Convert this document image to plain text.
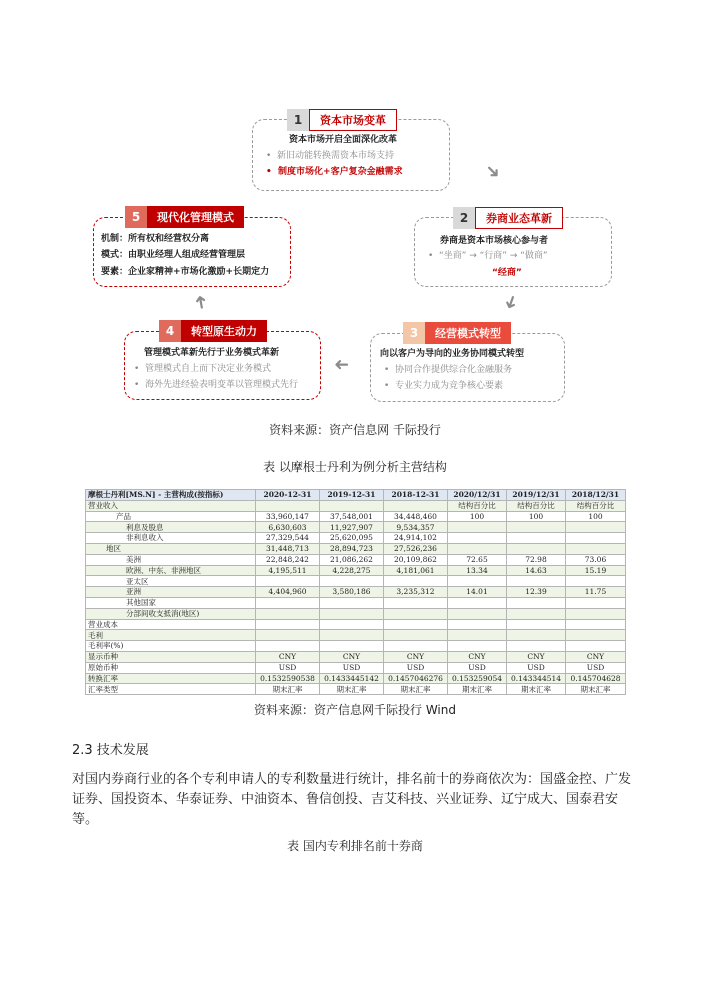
1	资本市场变革
资本市场开启全面深化改革
• 新旧动能转换需资本市场支持
• 制度市场化+客户复杂金融需求
2	券商业态革新
券商是资本市场核心参与者
• “坐商” → “行商” → “做商”
“经商”
3	经营模式转型
向以客户为导向的业务协同模式转型
• 协同合作提供综合化金融服务
• 专业实力成为竞争核心要素
4	转型原生动力
管理模式革新先行于业务模式革新
• 管理模式自上而下决定业务模式
• 海外先进经验表明变革以管理模式先行
5	现代化管理模式
机制：所有权和经营权分离
模式：由职业经理人组成经营管理层
要素：企业家精神+市场化激励+长期定力
➜
➜
➜
➜
资料来源：资产信息网 千际投行
表 以摩根士丹利为例分析主营结构
摩根士丹利[MS.N] - 主营构成(按指标)	2020-12-31	2019-12-31	2018-12-31	2020/12/31	2019/12/31	2018/12/31
营业收入				结构百分比	结构百分比	结构百分比
产品	33,960,147	37,548,001	34,448,460	100	100	100
利息及股息	6,630,603	11,927,907	9,534,357			
非利息收入	27,329,544	25,620,095	24,914,102			
地区	31,448,713	28,894,723	27,526,236			
美洲	22,848,242	21,086,262	20,109,862	72.65	72.98	73.06
欧洲、中东、非洲地区	4,195,511	4,228,275	4,181,061	13.34	14.63	15.19
亚太区						
亚洲	4,404,960	3,580,186	3,235,312	14.01	12.39	11.75
其他国家						
分部间收支抵消(地区)						
营业成本						
毛利						
毛利率(%)						
显示币种	CNY	CNY	CNY	CNY	CNY	CNY
原始币种	USD	USD	USD	USD	USD	USD
转换汇率	0.1532590538	0.1433445142	0.1457046276	0.153259054	0.143344514	0.145704628
汇率类型	期末汇率	期末汇率	期末汇率	期末汇率	期末汇率	期末汇率
资料来源：资产信息网千际投行 Wind
2.3 技术发展
对国内券商行业的各个专利申请人的专利数量进行统计，排名前十的券商依次为：国盛金控、广发证券、国投资本、华泰证券、中油资本、鲁信创投、吉艾科技、兴业证券、辽宁成大、国泰君安等。
表 国内专利排名前十券商
